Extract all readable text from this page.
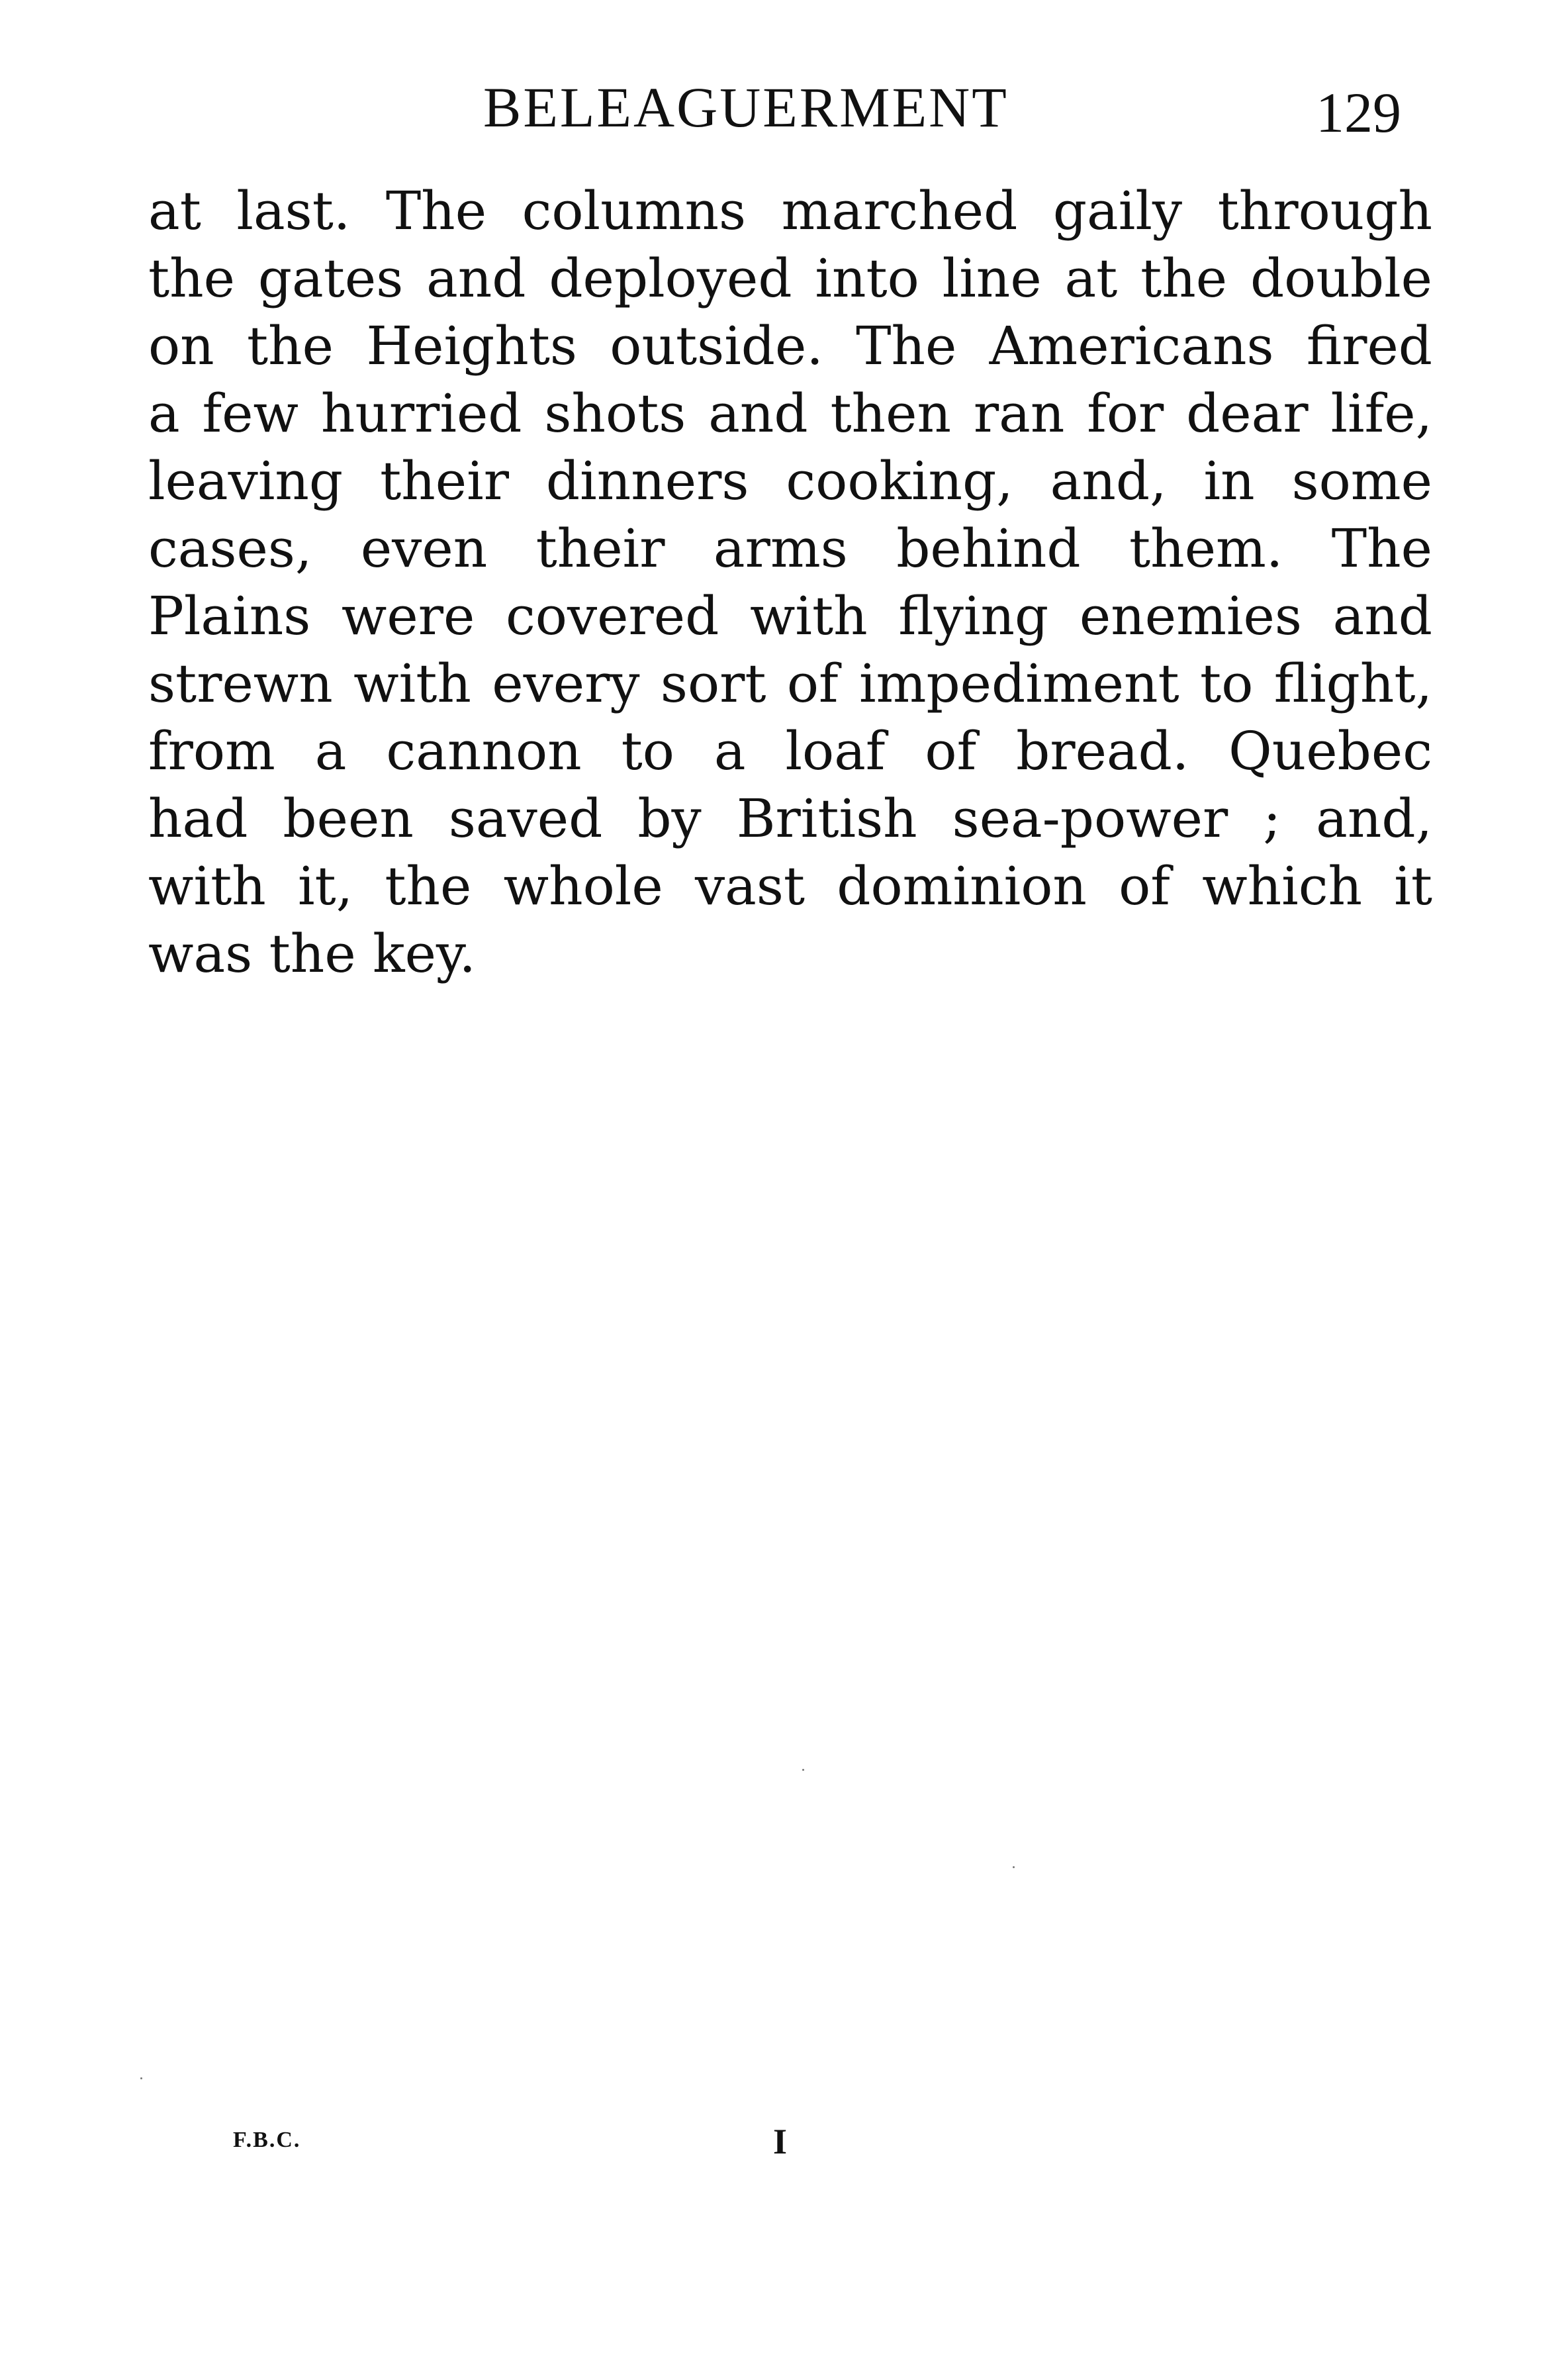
BELEAGUERMENT	129
at last. The columns marched gaily through
the gates and deployed into line at the double
on the Heights outside. The Americans fired
a few hurried shots and then ran for dear life,
leaving their dinners cooking, and, in some
cases, even their arms behind them. The
Plains were covered with flying enemies and
strewn with every sort of impediment to flight,
from a cannon to a loaf of bread. Quebec
had been saved by British sea-power ; and,
with it, the whole vast dominion of which it
was the key.
F.B.C.	I
